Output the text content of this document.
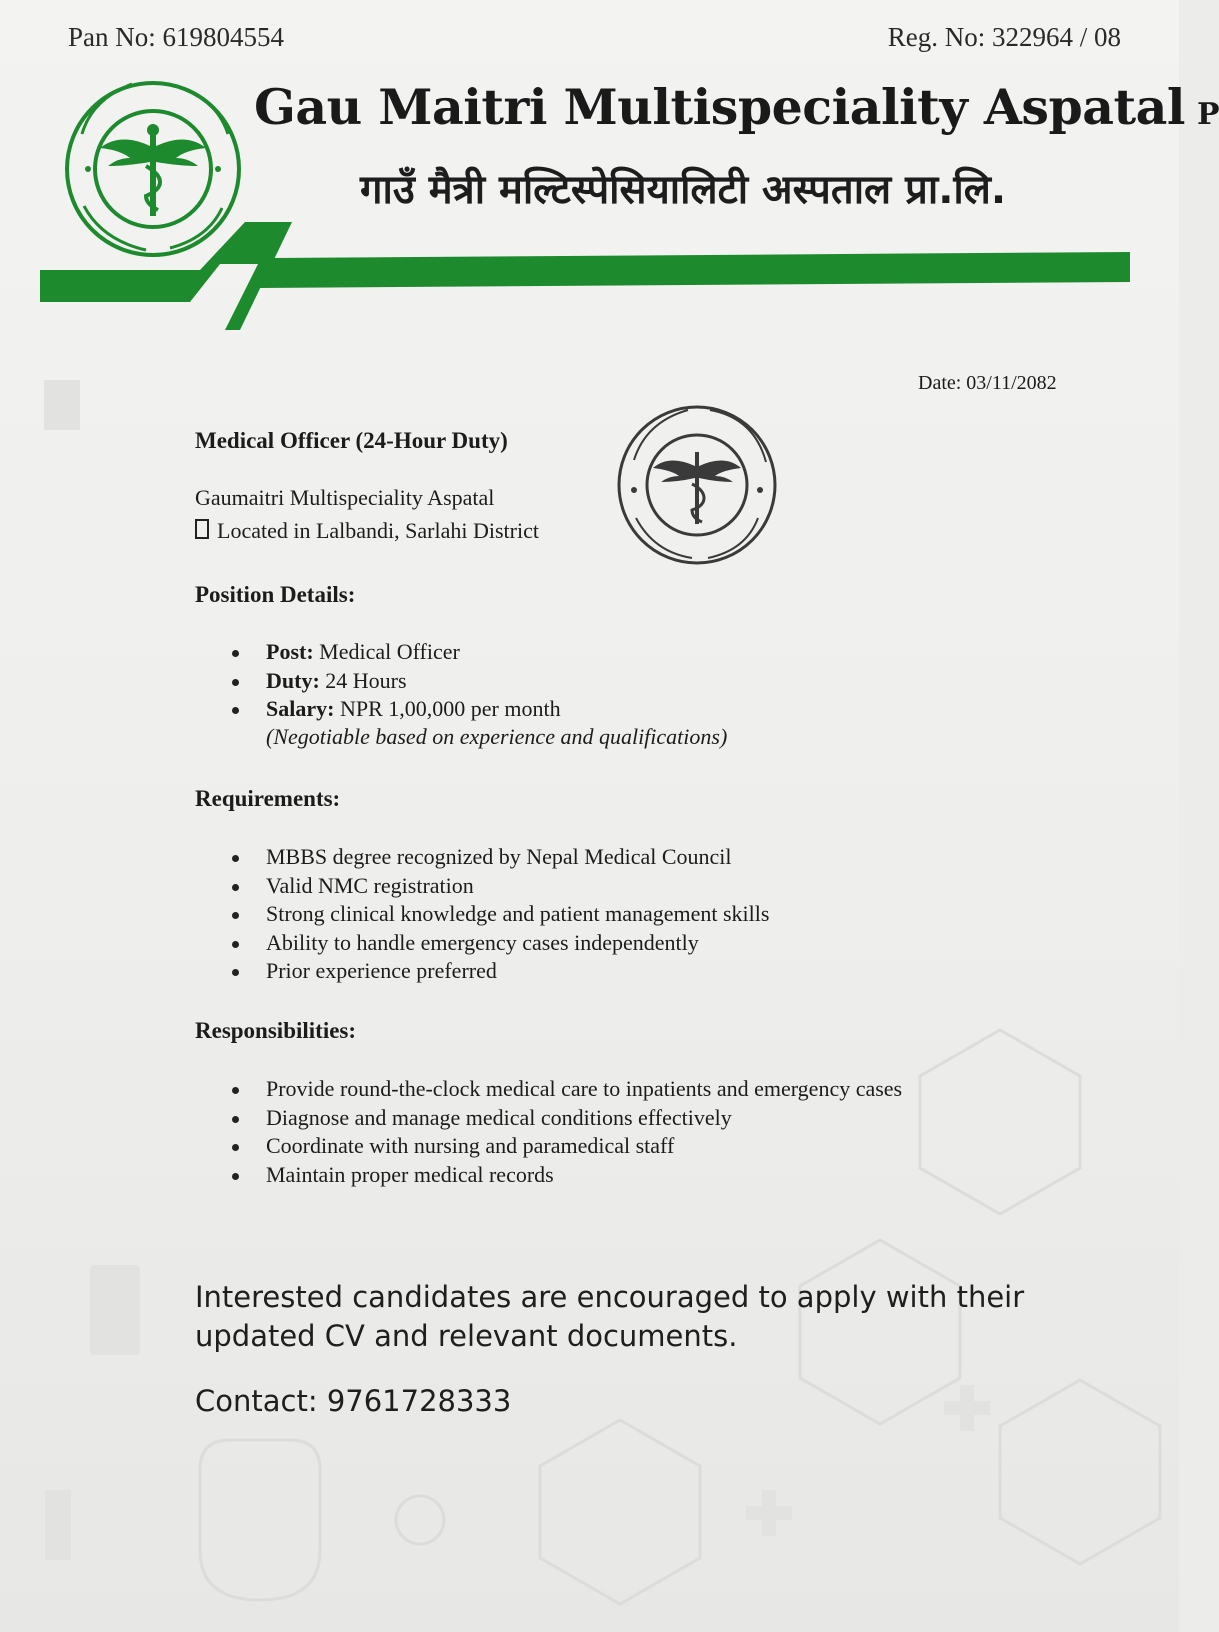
Pan No: 619804554	Reg. No: 322964 / 08
Gau Maitri Multispeciality Aspatal P
गाउँ मैत्री मल्टिस्पेसियालिटी अस्पताल प्रा.लि.
Date: 03/11/2082
Medical Officer (24-Hour Duty)
Gaumaitri Multispeciality Aspatal
Located in Lalbandi, Sarlahi District
Position Details:
Post: Medical Officer
Duty: 24 Hours
Salary: NPR 1,00,000 per month
(Negotiable based on experience and qualifications)
Requirements:
MBBS degree recognized by Nepal Medical Council
Valid NMC registration
Strong clinical knowledge and patient management skills
Ability to handle emergency cases independently
Prior experience preferred
Responsibilities:
Provide round-the-clock medical care to inpatients and emergency cases
Diagnose and manage medical conditions effectively
Coordinate with nursing and paramedical staff
Maintain proper medical records

Interested candidates are encouraged to apply with their updated CV and relevant documents.

Contact: 9761728333
